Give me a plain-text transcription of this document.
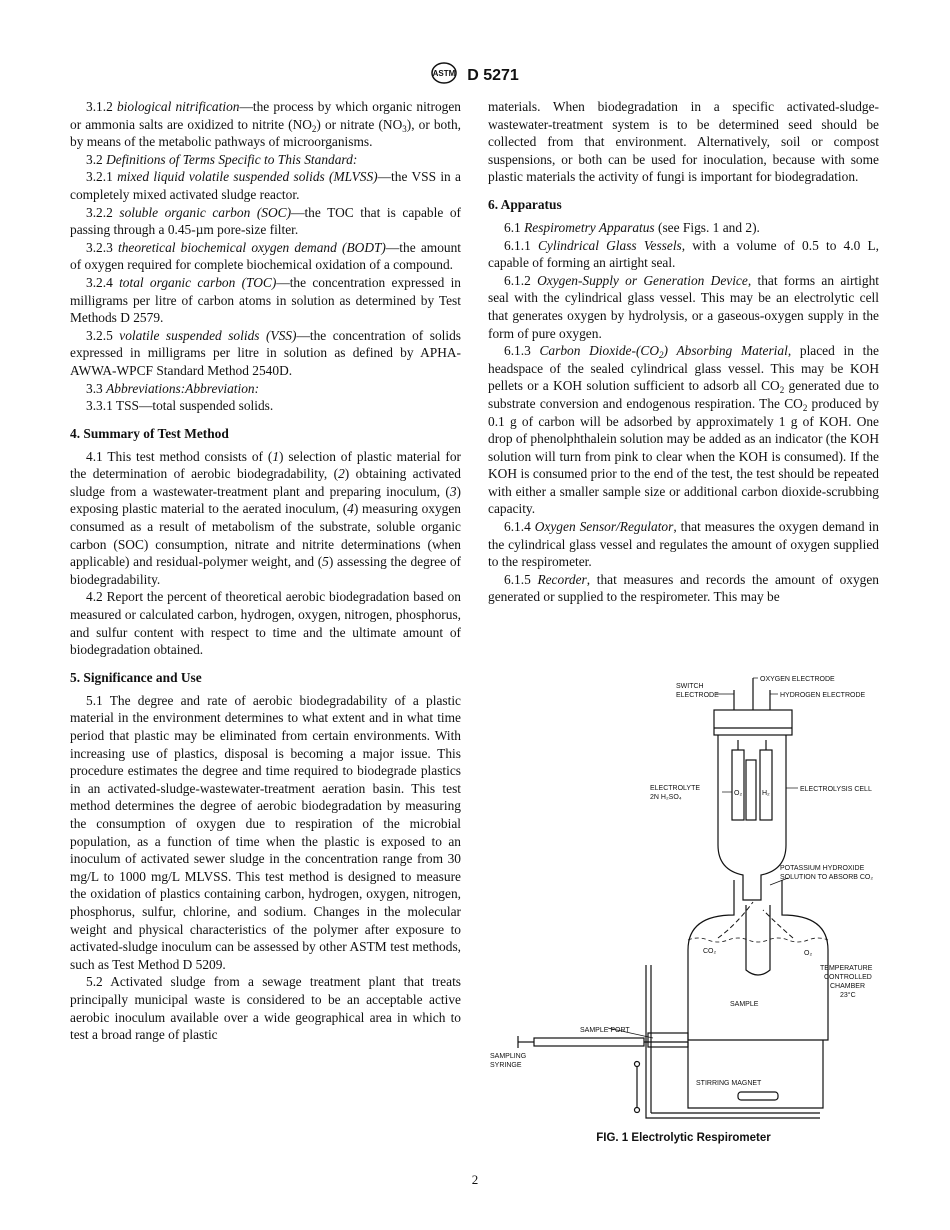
ASTM D 5271

3.1.2 biological nitrification—the process by which organic nitrogen or ammonia salts are oxidized to nitrite $(NO_2)$ or nitrate $(NO_3)$, or both, by means of the metabolic pathways of microorganisms.

3.2 Definitions of Terms Specific to This Standard:

3.2.1 mixed liquid volatile suspended solids (MLVSS)—the VSS in a completely mixed activated sludge reactor.

3.2.2 soluble organic carbon (SOC)—the TOC that is capable of passing through a 0.45-µm pore-size filter.

3.2.3 theoretical biochemical oxygen demand (BODT)—the amount of oxygen required for complete biochemical oxidation of a compound.

3.2.4 total organic carbon (TOC)—the concentration expressed in milligrams per litre of carbon atoms in solution as determined by Test Methods D 2579.

3.2.5 volatile suspended solids (VSS)—the concentration of solids expressed in milligrams per litre in solution as defined by APHA-AWWA-WPCF Standard Method 2540D.

3.3 Abbreviations:Abbreviation:

3.3.1 TSS—total suspended solids.

4. Summary of Test Method

4.1 This test method consists of (1) selection of plastic material for the determination of aerobic biodegradability, (2) obtaining activated sludge from a wastewater-treatment plant and preparing inoculum, (3) exposing plastic material to the aerated inoculum, (4) measuring oxygen consumed as a result of metabolism of the substrate, soluble organic carbon (SOC) consumption, nitrate and nitrite determinations (when applicable) and residual-polymer weight, and (5) assessing the degree of biodegradability.

4.2 Report the percent of theoretical aerobic biodegradation based on measured or calculated carbon, hydrogen, oxygen, nitrogen, phosphorus, and sulfur content with respect to time and the ultimate amount of biodegradation obtained.

5. Significance and Use

5.1 The degree and rate of aerobic biodegradability of a plastic material in the environment determines to what extent and in what time period that plastic may be eliminated from certain environments. With increasing use of plastics, disposal is becoming a major issue. This procedure estimates the degree and time required to biodegrade plastics in an activated-sludge-wastewater-treatment aeration basin. This test method determines the degree of aerobic biodegradation by measuring the consumption of oxygen due to respiration of the microbial population, as a function of time when the plastic is exposed to an inoculum of activated sewer sludge in the concentration range from 30 mg/L to 1000 mg/L MLVSS. This test method is designed to measure the oxidation of plastics containing carbon, hydrogen, oxygen, nitrogen, phosphorus, sulfur, chlorine, and sodium. Changes in the molecular weight and physical characteristics of the polymer after exposure to activated-sludge inoculum can be assessed by other ASTM test methods, such as Test Method D 5209.

5.2 Activated sludge from a sewage treatment plant that treats principally municipal waste is considered to be an acceptable active aerobic inoculum available over a wide geographical area in which to test a broad range of plastic

materials. When biodegradation in a specific activated-sludge-wastewater-treatment system is to be determined seed should be collected from that environment. Alternatively, soil or compost suspensions, or both can be used for inoculation, because with some plastic materials the activity of fungi is important for biodegradation.

6. Apparatus

6.1 Respirometry Apparatus (see Figs. 1 and 2).

6.1.1 Cylindrical Glass Vessels, with a volume of 0.5 to 4.0 L, capable of forming an airtight seal.

6.1.2 Oxygen-Supply or Generation Device, that forms an airtight seal with the cylindrical glass vessel. This may be an electrolytic cell that generates oxygen by hydrolysis, or a gaseous-oxygen supply in the form of pure oxygen.

6.1.3 Carbon Dioxide-$(CO_2)$ Absorbing Material, placed in the headspace of the sealed cylindrical glass vessel. This may be KOH pellets or a KOH solution sufficient to adsorb all $CO_2$ generated due to substrate conversion and endogenous respiration. The $CO_2$ produced by 0.1 g of carbon will be adsorbed by approximately 1 g of KOH. One drop of phenolphthalein solution may be added as an indicator (the KOH solution will turn from pink to clear when the KOH is consumed). If the KOH is consumed prior to the end of the test, the test should be repeated with either a smaller sample size or additional carbon dioxide-scrubbing capacity.

6.1.4 Oxygen Sensor/Regulator, that measures the oxygen demand in the cylindrical glass vessel and regulates the amount of oxygen supplied to the respirometer.

6.1.5 Recorder, that measures and records the amount of oxygen generated or supplied to the respirometer. This may be

SWITCH
ELECTRODE
OXYGEN ELECTRODE
HYDROGEN ELECTRODE
ELECTROLYTE
2N H₂SO₄
ELECTROLYSIS CELL
O₂	H₂
POTASSIUM HYDROXIDE
SOLUTION TO ABSORB CO₂
CO₂	O₂
TEMPERATURE
CONTROLLED
CHAMBER
23°C
SAMPLE
SAMPLE PORT
SAMPLING
SYRINGE
STIRRING MAGNET
FIG. 1 Electrolytic Respirometer
2
